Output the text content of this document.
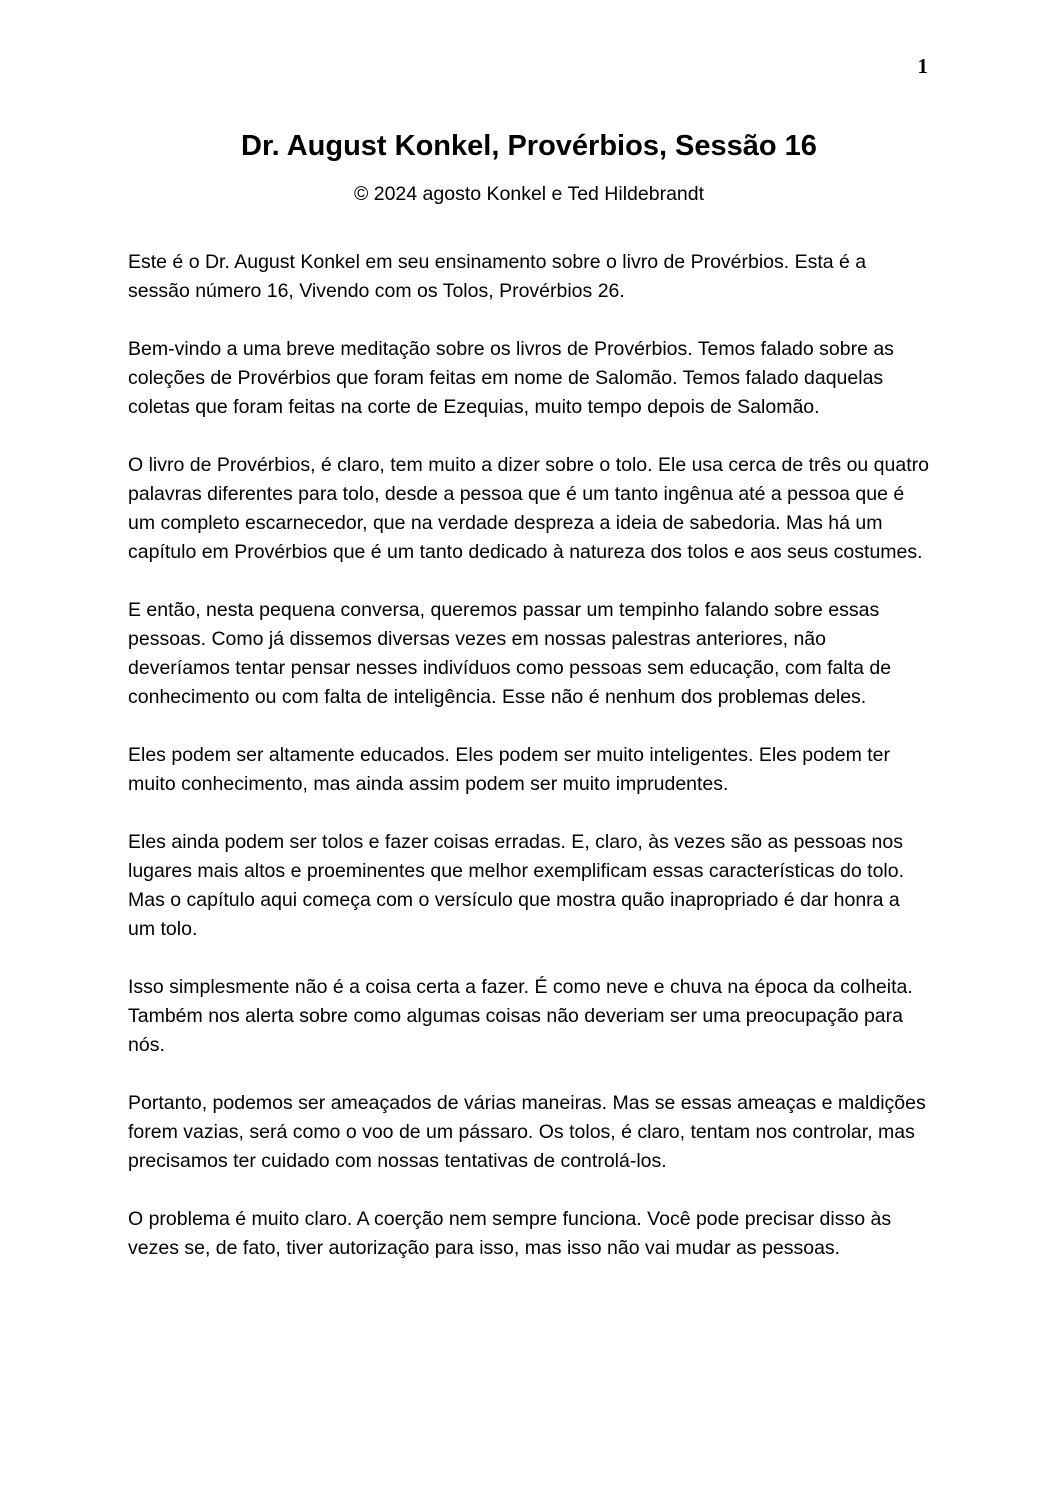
1
Dr. August Konkel, Provérbios, Sessão 16
© 2024 agosto Konkel e Ted Hildebrandt

Este é o Dr. August Konkel em seu ensinamento sobre o livro de Provérbios. Esta é a sessão número 16, Vivendo com os Tolos, Provérbios 26.

Bem-vindo a uma breve meditação sobre os livros de Provérbios. Temos falado sobre as coleções de Provérbios que foram feitas em nome de Salomão. Temos falado daquelas coletas que foram feitas na corte de Ezequias, muito tempo depois de Salomão.

O livro de Provérbios, é claro, tem muito a dizer sobre o tolo. Ele usa cerca de três ou quatro palavras diferentes para tolo, desde a pessoa que é um tanto ingênua até a pessoa que é um completo escarnecedor, que na verdade despreza a ideia de sabedoria. Mas há um capítulo em Provérbios que é um tanto dedicado à natureza dos tolos e aos seus costumes.

E então, nesta pequena conversa, queremos passar um tempinho falando sobre essas pessoas. Como já dissemos diversas vezes em nossas palestras anteriores, não deveríamos tentar pensar nesses indivíduos como pessoas sem educação, com falta de conhecimento ou com falta de inteligência. Esse não é nenhum dos problemas deles.

Eles podem ser altamente educados. Eles podem ser muito inteligentes. Eles podem ter muito conhecimento, mas ainda assim podem ser muito imprudentes.

Eles ainda podem ser tolos e fazer coisas erradas. E, claro, às vezes são as pessoas nos lugares mais altos e proeminentes que melhor exemplificam essas características do tolo. Mas o capítulo aqui começa com o versículo que mostra quão inapropriado é dar honra a um tolo.

Isso simplesmente não é a coisa certa a fazer. É como neve e chuva na época da colheita. Também nos alerta sobre como algumas coisas não deveriam ser uma preocupação para nós.

Portanto, podemos ser ameaçados de várias maneiras. Mas se essas ameaças e maldições forem vazias, será como o voo de um pássaro. Os tolos, é claro, tentam nos controlar, mas precisamos ter cuidado com nossas tentativas de controlá-los.

O problema é muito claro. A coerção nem sempre funciona. Você pode precisar disso às vezes se, de fato, tiver autorização para isso, mas isso não vai mudar as pessoas.
